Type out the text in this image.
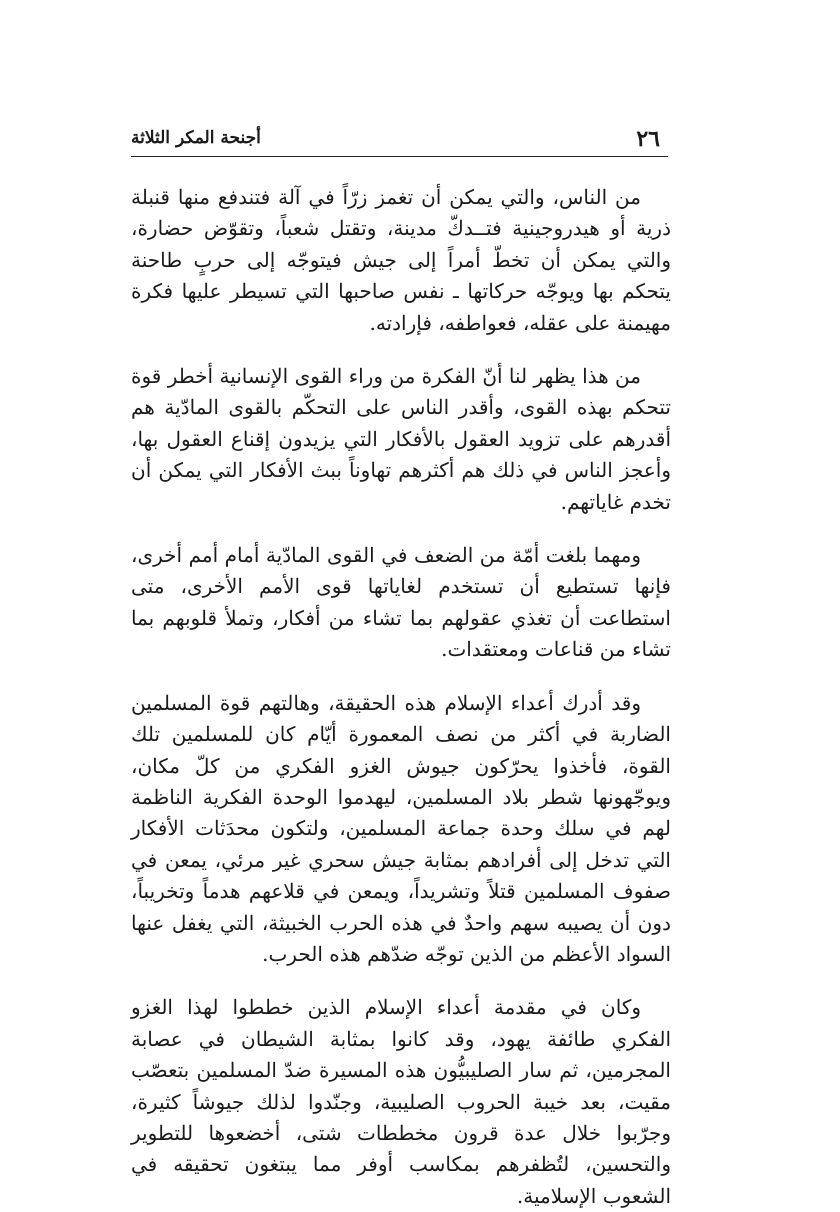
٢٦
أجنحة المكر الثلاثة

من الناس، والتي يمكن أن تغمز زرّاً في آلة فتندفع منها قنبلة ذرية أو هيدروجينية فتــدكّ مدينة، وتقتل شعباً، وتقوّض حضارة، والتي يمكن أن تخطّ أمراً إلى جيش فيتوجّه إلى حربٍ طاحنة يتحكم بها ويوجّه حركاتها ـ نفس صاحبها التي تسيطر عليها فكرة مهيمنة على عقله، فعواطفه، فإرادته.

من هذا يظهر لنا أنّ الفكرة من وراء القوى الإنسانية أخطر قوة تتحكم بهذه القوى، وأقدر الناس على التحكّم بالقوى المادّية هم أقدرهم على تزويد العقول بالأفكار التي يزيدون إقناع العقول بها، وأعجز الناس في ذلك هم أكثرهم تهاوناً ببث الأفكار التي يمكن أن تخدم غاياتهم.

ومهما بلغت أمّة من الضعف في القوى المادّية أمام أمم أخرى، فإنها تستطيع أن تستخدم لغاياتها قوى الأمم الأخرى، متى استطاعت أن تغذي عقولهم بما تشاء من أفكار، وتملأ قلوبهم بما تشاء من قناعات ومعتقدات.

وقد أدرك أعداء الإسلام هذه الحقيقة، وهالتهم قوة المسلمين الضاربة في أكثر من نصف المعمورة أيّام كان للمسلمين تلك القوة، فأخذوا يحرّكون جيوش الغزو الفكري من كلّ مكان، ويوجّهونها شطر بلاد المسلمين، ليهدموا الوحدة الفكرية الناظمة لهم في سلك وحدة جماعة المسلمين، ولتكون محدَثات الأفكار التي تدخل إلى أفرادهم بمثابة جيش سحري غير مرئي، يمعن في صفوف المسلمين قتلاً وتشريداً، ويمعن في قلاعهم هدماً وتخريباً، دون أن يصيبه سهم واحدٌ في هذه الحرب الخبيثة، التي يغفل عنها السواد الأعظم من الذين توجّه ضدّهم هذه الحرب.

وكان في مقدمة أعداء الإسلام الذين خططوا لهذا الغزو الفكري طائفة يهود، وقد كانوا بمثابة الشيطان في عصابة المجرمين، ثم سار الصليبيُّون هذه المسيرة ضدّ المسلمين بتعصّب مقيت، بعد خيبة الحروب الصليبية، وجنّدوا لذلك جيوشاً كثيرة، وجرّبوا خلال عدة قرون مخططات شتى، أخضعوها للتطوير والتحسين، لتُظفرهم بمكاسب أوفر مما يبتغون تحقيقه في الشعوب الإسلامية.
